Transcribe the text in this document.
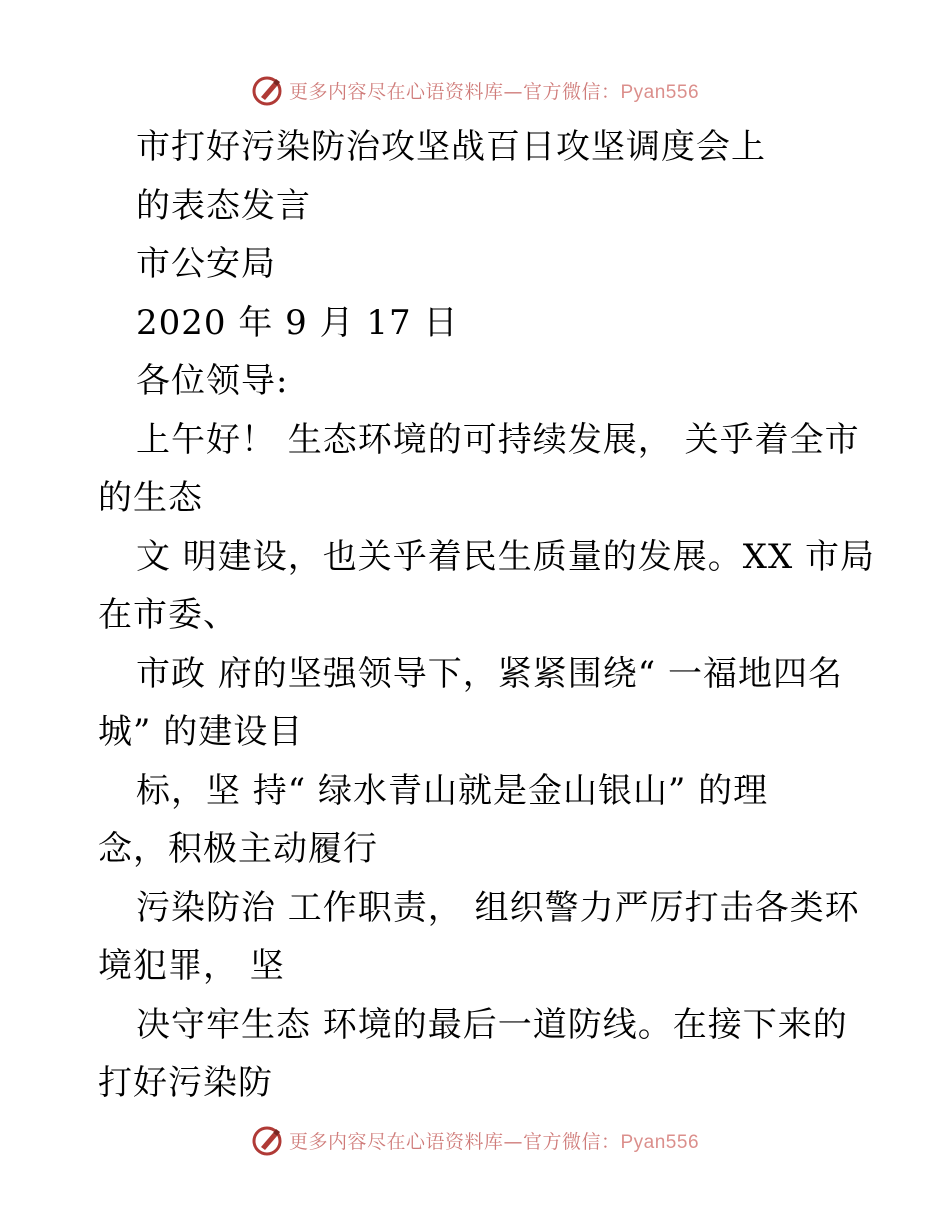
更多内容尽在心语资料库—官方微信：Pyan556
市打好污染防治攻坚战百日攻坚调度会上
的表态发言
市公安局
2020 年 9 月 17 日
各位领导:
上午好！ 生态环境的可持续发展， 关乎着全市
的生态
文 明建设，也关乎着民生质量的发展。XX 市局
在市委、
市政 府的坚强领导下，紧紧围绕“ 一福地四名
城” 的建设目
标，坚 持“ 绿水青山就是金山银山” 的理
念，积极主动履行
污染防治 工作职责， 组织警力严厉打击各类环
境犯罪， 坚
决守牢生态 环境的最后一道防线。在接下来的
打好污染防
更多内容尽在心语资料库—官方微信：Pyan556
